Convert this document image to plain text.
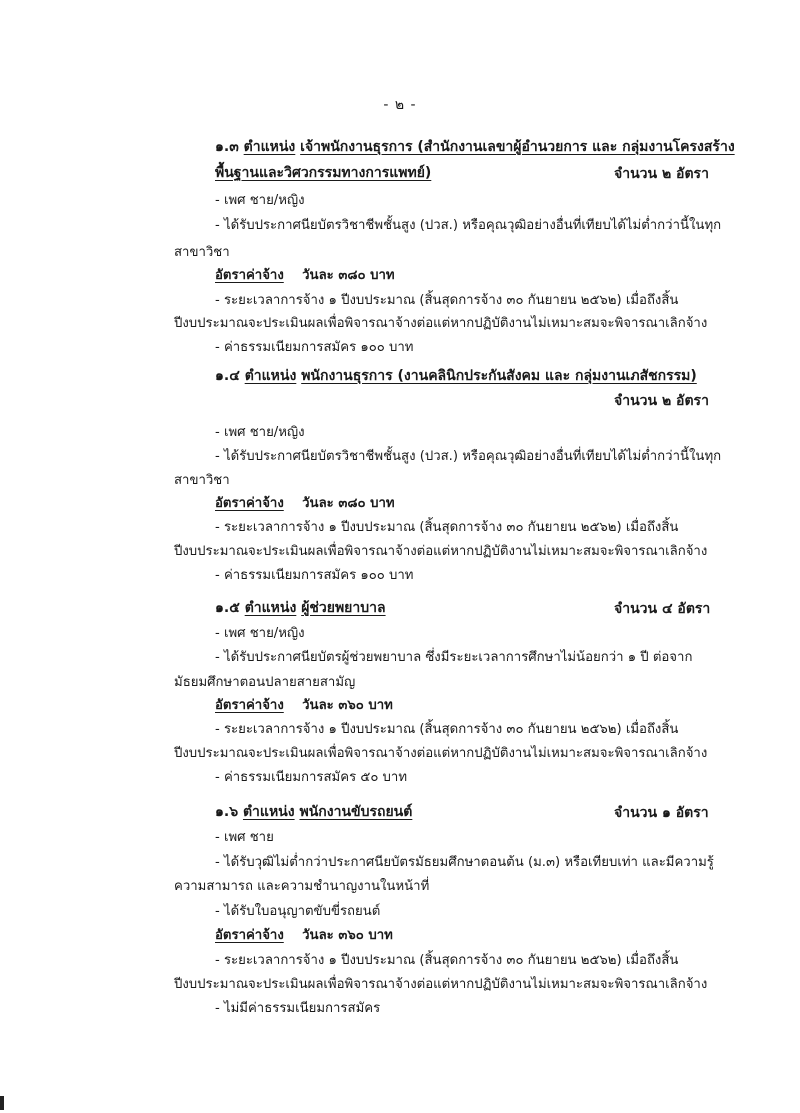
- ๒ -
๑.๓ ตำแหน่ง เจ้าพนักงานธุรการ (สำนักงานเลขาผู้อำนวยการ และ กลุ่มงานโครงสร้าง
พื้นฐานและวิศวกรรมทางการแพทย์)	จำนวน ๒ อัตรา
- เพศ ชาย/หญิง
- ได้รับประกาศนียบัตรวิชาชีพชั้นสูง (ปวส.) หรือคุณวุฒิอย่างอื่นที่เทียบได้ไม่ต่ำกว่านี้ในทุก
สาขาวิชา
อัตราค่าจ้าง วันละ ๓๘๐ บาท
- ระยะเวลาการจ้าง ๑ ปีงบประมาณ (สิ้นสุดการจ้าง ๓๐ กันยายน ๒๕๖๒) เมื่อถึงสิ้น
ปีงบประมาณจะประเมินผลเพื่อพิจารณาจ้างต่อแต่หากปฏิบัติงานไม่เหมาะสมจะพิจารณาเลิกจ้าง
- ค่าธรรมเนียมการสมัคร ๑๐๐ บาท
๑.๔ ตำแหน่ง พนักงานธุรการ (งานคลินิกประกันสังคม และ กลุ่มงานเภสัชกรรม)
จำนวน ๒ อัตรา
- เพศ ชาย/หญิง
- ได้รับประกาศนียบัตรวิชาชีพชั้นสูง (ปวส.) หรือคุณวุฒิอย่างอื่นที่เทียบได้ไม่ต่ำกว่านี้ในทุก
สาขาวิชา
อัตราค่าจ้าง วันละ ๓๘๐ บาท
- ระยะเวลาการจ้าง ๑ ปีงบประมาณ (สิ้นสุดการจ้าง ๓๐ กันยายน ๒๕๖๒) เมื่อถึงสิ้น
ปีงบประมาณจะประเมินผลเพื่อพิจารณาจ้างต่อแต่หากปฏิบัติงานไม่เหมาะสมจะพิจารณาเลิกจ้าง
- ค่าธรรมเนียมการสมัคร ๑๐๐ บาท
๑.๕ ตำแหน่ง ผู้ช่วยพยาบาล	จำนวน ๔ อัตรา
- เพศ ชาย/หญิง
- ได้รับประกาศนียบัตรผู้ช่วยพยาบาล ซึ่งมีระยะเวลาการศึกษาไม่น้อยกว่า ๑ ปี ต่อจาก
มัธยมศึกษาตอนปลายสายสามัญ
อัตราค่าจ้าง วันละ ๓๖๐ บาท
- ระยะเวลาการจ้าง ๑ ปีงบประมาณ (สิ้นสุดการจ้าง ๓๐ กันยายน ๒๕๖๒) เมื่อถึงสิ้น
ปีงบประมาณจะประเมินผลเพื่อพิจารณาจ้างต่อแต่หากปฏิบัติงานไม่เหมาะสมจะพิจารณาเลิกจ้าง
- ค่าธรรมเนียมการสมัคร ๕๐ บาท
๑.๖ ตำแหน่ง พนักงานขับรถยนต์	จำนวน ๑ อัตรา
- เพศ ชาย
- ได้รับวุฒิไม่ต่ำกว่าประกาศนียบัตรมัธยมศึกษาตอนต้น (ม.๓) หรือเทียบเท่า และมีความรู้
ความสามารถ และความชำนาญงานในหน้าที่
- ได้รับใบอนุญาตขับขี่รถยนต์
อัตราค่าจ้าง วันละ ๓๖๐ บาท
- ระยะเวลาการจ้าง ๑ ปีงบประมาณ (สิ้นสุดการจ้าง ๓๐ กันยายน ๒๕๖๒) เมื่อถึงสิ้น
ปีงบประมาณจะประเมินผลเพื่อพิจารณาจ้างต่อแต่หากปฏิบัติงานไม่เหมาะสมจะพิจารณาเลิกจ้าง
- ไม่มีค่าธรรมเนียมการสมัคร
